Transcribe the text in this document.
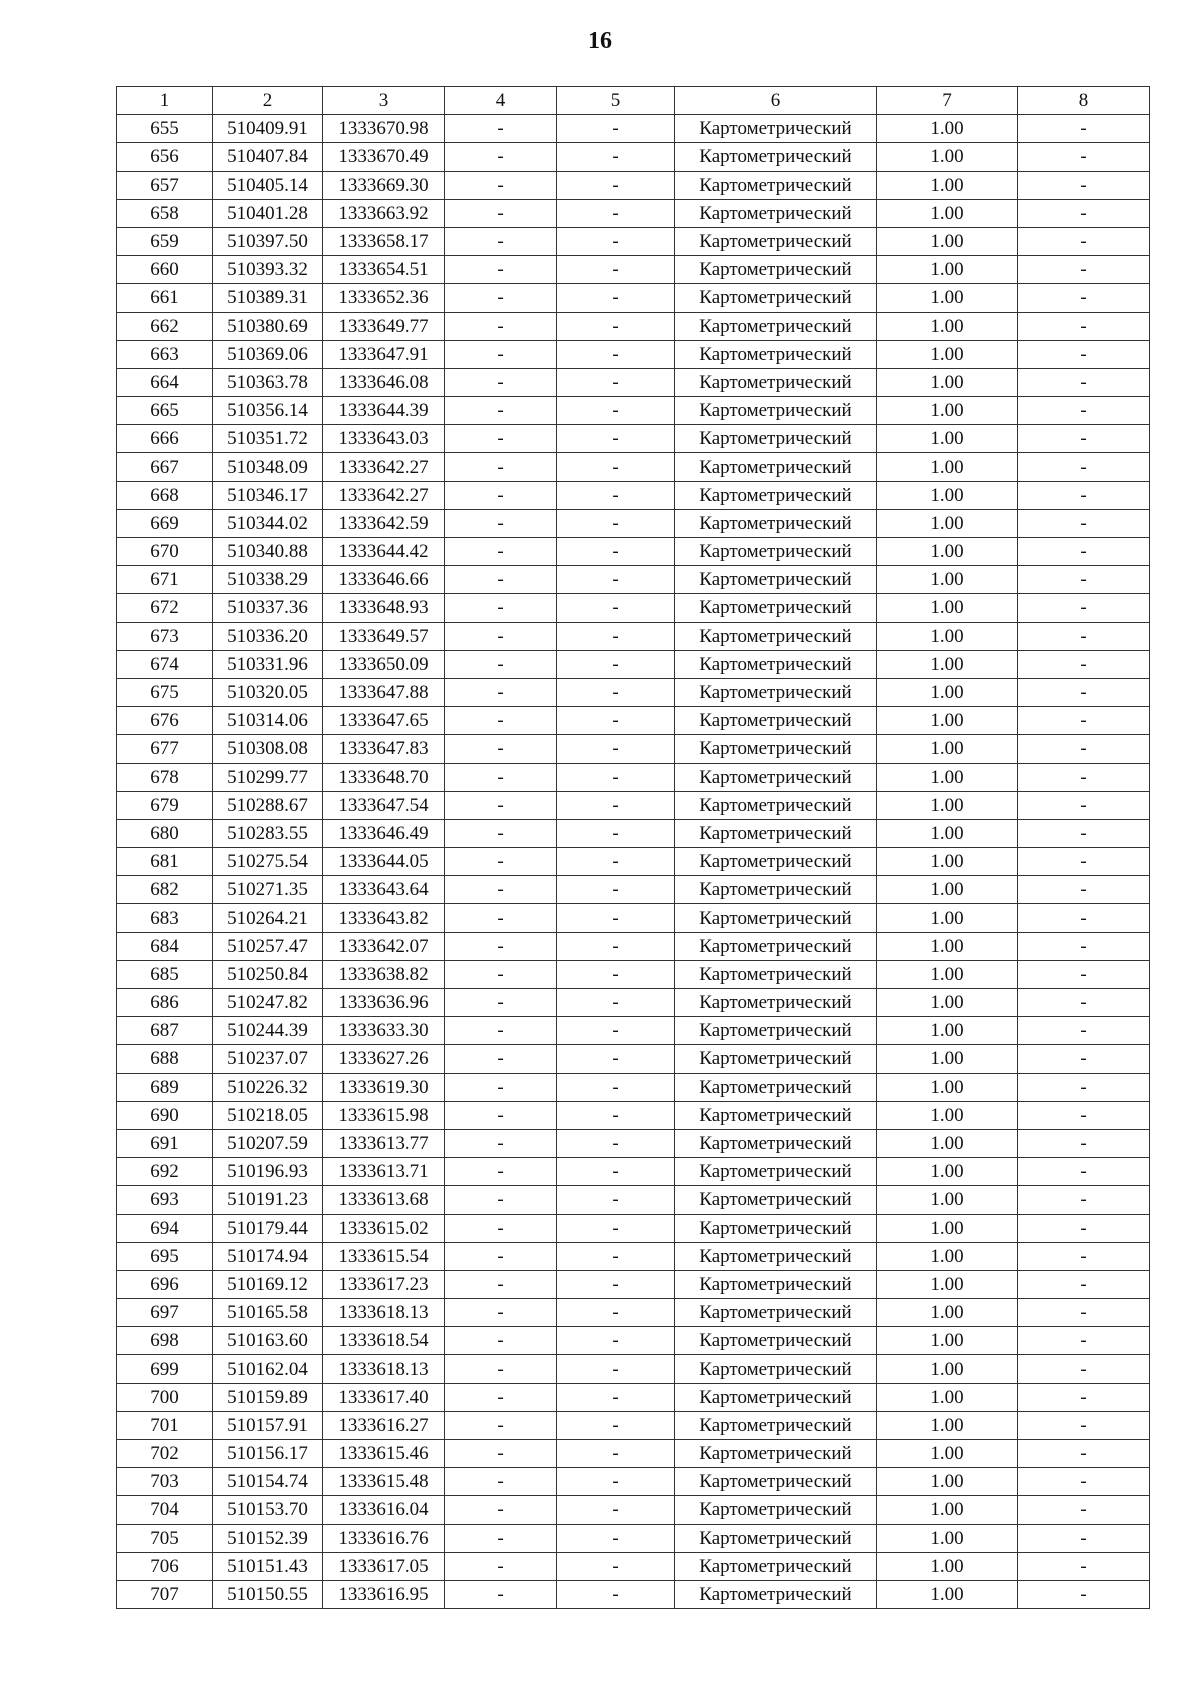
16
1	2	3	4	5	6	7	8
655	510409.91	1333670.98	-	-	Картометрический	1.00	-
656	510407.84	1333670.49	-	-	Картометрический	1.00	-
657	510405.14	1333669.30	-	-	Картометрический	1.00	-
658	510401.28	1333663.92	-	-	Картометрический	1.00	-
659	510397.50	1333658.17	-	-	Картометрический	1.00	-
660	510393.32	1333654.51	-	-	Картометрический	1.00	-
661	510389.31	1333652.36	-	-	Картометрический	1.00	-
662	510380.69	1333649.77	-	-	Картометрический	1.00	-
663	510369.06	1333647.91	-	-	Картометрический	1.00	-
664	510363.78	1333646.08	-	-	Картометрический	1.00	-
665	510356.14	1333644.39	-	-	Картометрический	1.00	-
666	510351.72	1333643.03	-	-	Картометрический	1.00	-
667	510348.09	1333642.27	-	-	Картометрический	1.00	-
668	510346.17	1333642.27	-	-	Картометрический	1.00	-
669	510344.02	1333642.59	-	-	Картометрический	1.00	-
670	510340.88	1333644.42	-	-	Картометрический	1.00	-
671	510338.29	1333646.66	-	-	Картометрический	1.00	-
672	510337.36	1333648.93	-	-	Картометрический	1.00	-
673	510336.20	1333649.57	-	-	Картометрический	1.00	-
674	510331.96	1333650.09	-	-	Картометрический	1.00	-
675	510320.05	1333647.88	-	-	Картометрический	1.00	-
676	510314.06	1333647.65	-	-	Картометрический	1.00	-
677	510308.08	1333647.83	-	-	Картометрический	1.00	-
678	510299.77	1333648.70	-	-	Картометрический	1.00	-
679	510288.67	1333647.54	-	-	Картометрический	1.00	-
680	510283.55	1333646.49	-	-	Картометрический	1.00	-
681	510275.54	1333644.05	-	-	Картометрический	1.00	-
682	510271.35	1333643.64	-	-	Картометрический	1.00	-
683	510264.21	1333643.82	-	-	Картометрический	1.00	-
684	510257.47	1333642.07	-	-	Картометрический	1.00	-
685	510250.84	1333638.82	-	-	Картометрический	1.00	-
686	510247.82	1333636.96	-	-	Картометрический	1.00	-
687	510244.39	1333633.30	-	-	Картометрический	1.00	-
688	510237.07	1333627.26	-	-	Картометрический	1.00	-
689	510226.32	1333619.30	-	-	Картометрический	1.00	-
690	510218.05	1333615.98	-	-	Картометрический	1.00	-
691	510207.59	1333613.77	-	-	Картометрический	1.00	-
692	510196.93	1333613.71	-	-	Картометрический	1.00	-
693	510191.23	1333613.68	-	-	Картометрический	1.00	-
694	510179.44	1333615.02	-	-	Картометрический	1.00	-
695	510174.94	1333615.54	-	-	Картометрический	1.00	-
696	510169.12	1333617.23	-	-	Картометрический	1.00	-
697	510165.58	1333618.13	-	-	Картометрический	1.00	-
698	510163.60	1333618.54	-	-	Картометрический	1.00	-
699	510162.04	1333618.13	-	-	Картометрический	1.00	-
700	510159.89	1333617.40	-	-	Картометрический	1.00	-
701	510157.91	1333616.27	-	-	Картометрический	1.00	-
702	510156.17	1333615.46	-	-	Картометрический	1.00	-
703	510154.74	1333615.48	-	-	Картометрический	1.00	-
704	510153.70	1333616.04	-	-	Картометрический	1.00	-
705	510152.39	1333616.76	-	-	Картометрический	1.00	-
706	510151.43	1333617.05	-	-	Картометрический	1.00	-
707	510150.55	1333616.95	-	-	Картометрический	1.00	-
